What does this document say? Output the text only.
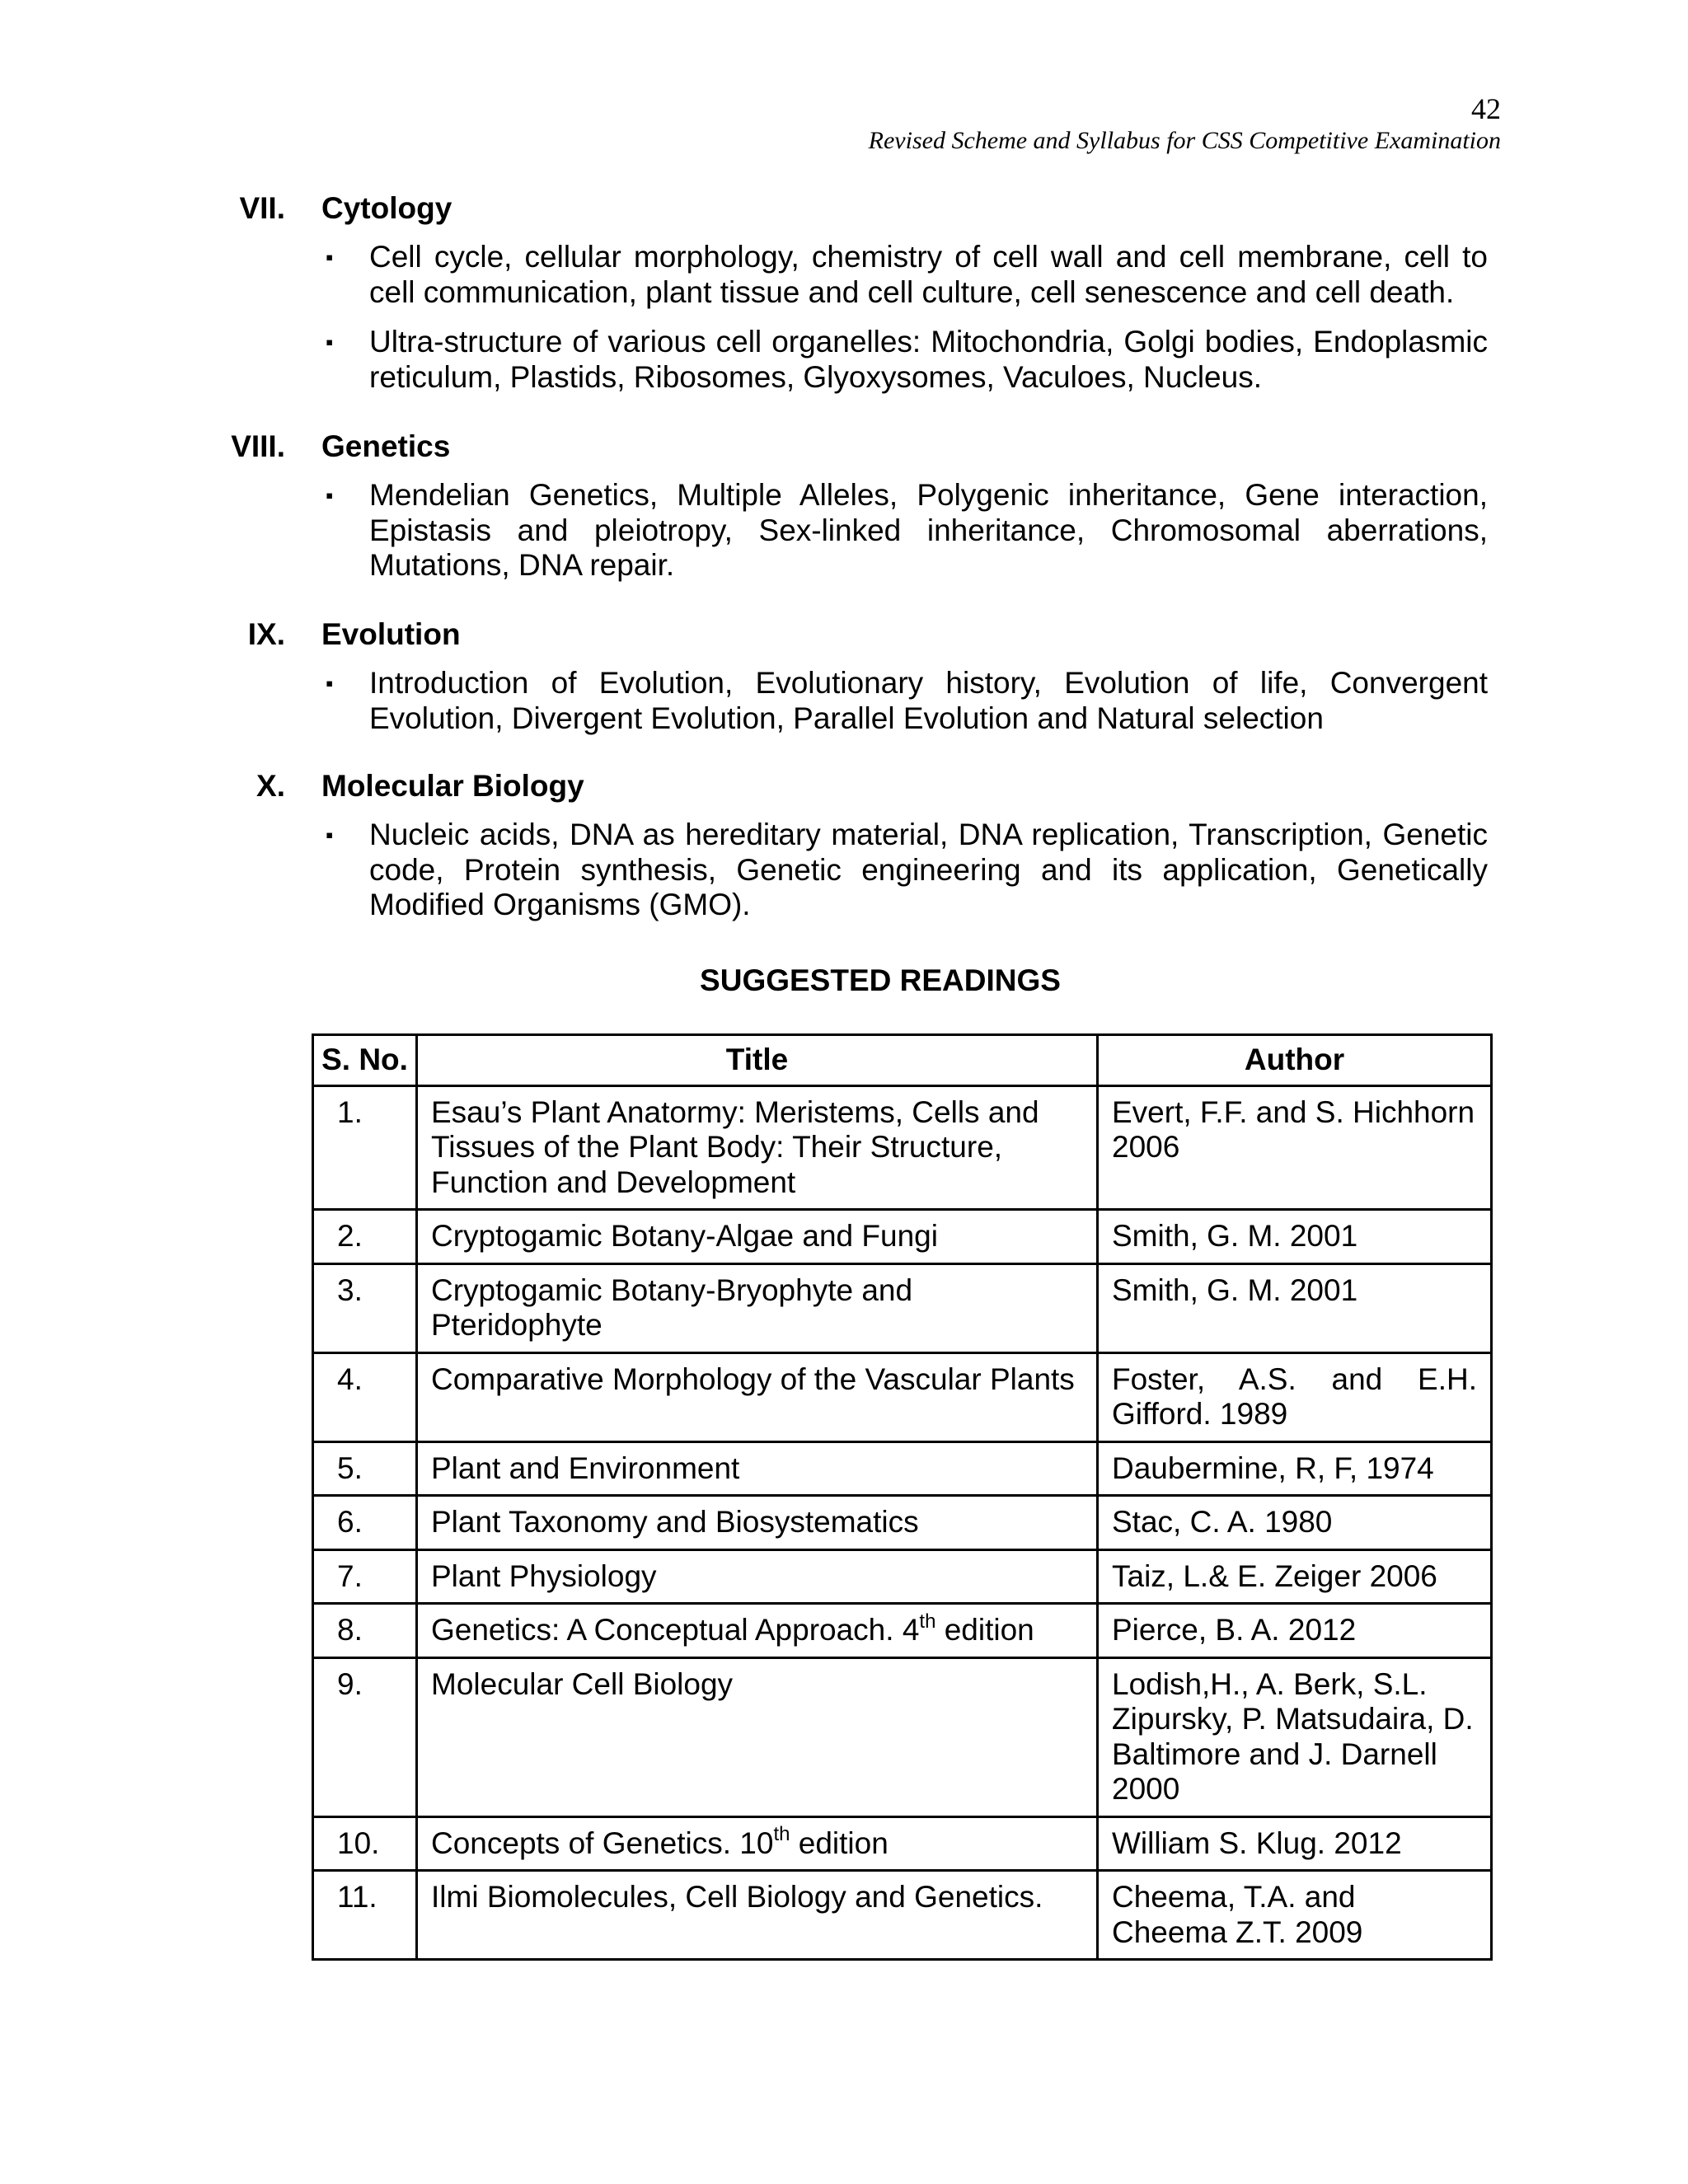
42
Revised Scheme and Syllabus for CSS Competitive Examination
VII. Cytology
▪ Cell cycle, cellular morphology, chemistry of cell wall and cell membrane, cell to cell communication, plant tissue and cell culture, cell senescence and cell death.
▪ Ultra-structure of various cell organelles: Mitochondria, Golgi bodies, Endoplasmic reticulum, Plastids, Ribosomes, Glyoxysomes, Vaculoes, Nucleus.
VIII. Genetics
▪ Mendelian Genetics, Multiple Alleles, Polygenic inheritance, Gene interaction, Epistasis and pleiotropy, Sex-linked inheritance, Chromosomal aberrations, Mutations, DNA repair.
IX. Evolution
▪ Introduction of Evolution, Evolutionary history, Evolution of life, Convergent Evolution, Divergent Evolution, Parallel Evolution and Natural selection
X. Molecular Biology
▪ Nucleic acids, DNA as hereditary material, DNA replication, Transcription, Genetic code, Protein synthesis, Genetic engineering and its application, Genetically Modified Organisms (GMO).
SUGGESTED READINGS
S. No.	Title	Author
1.	Esau’s Plant Anatormy: Meristems, Cells and Tissues of the Plant Body: Their Structure, Function and Development	Evert, F.F. and S. Hichhorn 2006
2.	Cryptogamic Botany-Algae and Fungi	Smith, G. M. 2001
3.	Cryptogamic Botany-Bryophyte and Pteridophyte	Smith, G. M. 2001
4.	Comparative Morphology of the Vascular Plants	Foster, A.S. and E.H. Gifford. 1989
5.	Plant and Environment	Daubermine, R, F, 1974
6.	Plant Taxonomy and Biosystematics	Stac, C. A. 1980
7.	Plant Physiology	Taiz, L.& E. Zeiger 2006
8.	Genetics: A Conceptual Approach. 4th edition	Pierce, B. A. 2012
9.	Molecular Cell Biology	Lodish,H., A. Berk, S.L. Zipursky, P. Matsudaira, D. Baltimore and J. Darnell 2000
10.	Concepts of Genetics. 10th edition	William S. Klug. 2012
11.	Ilmi Biomolecules, Cell Biology and Genetics.	Cheema, T.A. and Cheema Z.T. 2009
